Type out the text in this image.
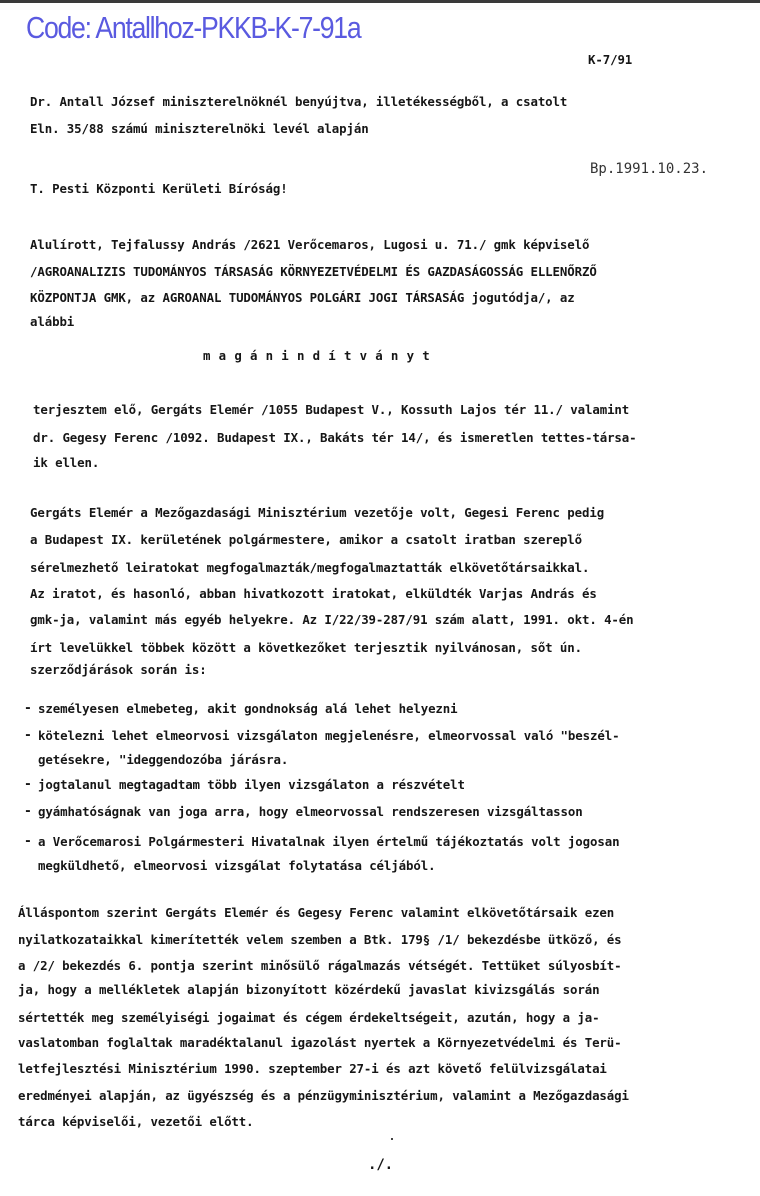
Code: Antallhoz-PKKB-K-7-91a
K-7/91
Dr. Antall József miniszterelnöknél benyújtva, illetékességből, a csatolt
Eln. 35/88 számú miniszterelnöki levél alapján
Bp.1991.10.23.
T. Pesti Központi Kerületi Bíróság!
Alulírott, Tejfalussy András /2621 Verőcemaros, Lugosi u. 71./ gmk képviselő
/AGROANALIZIS TUDOMÁNYOS TÁRSASÁG KÖRNYEZETVÉDELMI ÉS GAZDASÁGOSSÁG ELLENŐRZŐ
KÖZPONTJA GMK, az AGROANAL TUDOMÁNYOS POLGÁRI JOGI TÁRSASÁG jogutódja/, az
alábbi
magánindítványt
terjesztem elő, Gergáts Elemér /1055 Budapest V., Kossuth Lajos tér 11./ valamint
dr. Gegesy Ferenc /1092. Budapest IX., Bakáts tér 14/, és ismeretlen tettes-társa-
ik ellen.
Gergáts Elemér a Mezőgazdasági Minisztérium vezetője volt, Gegesi Ferenc pedig
a Budapest IX. kerületének polgármestere, amikor a csatolt iratban szereplő
sérelmezhető leiratokat megfogalmazták/megfogalmaztatták elkövetőtársaikkal.
Az iratot, és hasonló, abban hivatkozott iratokat, elküldték Varjas András és
gmk-ja, valamint más egyéb helyekre. Az I/22/39-287/91 szám alatt, 1991. okt. 4-én
írt levelükkel többek között a következőket terjesztik nyilvánosan, sőt ún.
szerződjárások során is:
- személyesen elmebeteg, akit gondnokság alá lehet helyezni
- kötelezni lehet elmeorvosi vizsgálaton megjelenésre, elmeorvossal való "beszél-
getésekre, "ideggendozóba járásra.
- jogtalanul megtagadtam több ilyen vizsgálaton a részvételt
- gyámhatóságnak van joga arra, hogy elmeorvossal rendszeresen vizsgáltasson
- a Verőcemarosi Polgármesteri Hivatalnak ilyen értelmű tájékoztatás volt jogosan
megküldhető, elmeorvosi vizsgálat folytatása céljából.
Álláspontom szerint Gergáts Elemér és Gegesy Ferenc valamint elkövetőtársaik ezen
nyilatkozataikkal kimerítették velem szemben a Btk. 179§ /1/ bekezdésbe ütköző, és
a /2/ bekezdés 6. pontja szerint minősülő rágalmazás vétségét. Tettüket súlyosbít-
ja, hogy a mellékletek alapján bizonyított közérdekű javaslat kivizsgálás során
sértették meg személyiségi jogaimat és cégem érdekeltségeit, azután, hogy a ja-
vaslatomban foglaltak maradéktalanul igazolást nyertek a Környezetvédelmi és Terü-
letfejlesztési Minisztérium 1990. szeptember 27-i és azt követő felülvizsgálatai
eredményei alapján, az ügyészség és a pénzügyminisztérium, valamint a Mezőgazdasági
tárca képviselői, vezetői előtt.
./.
